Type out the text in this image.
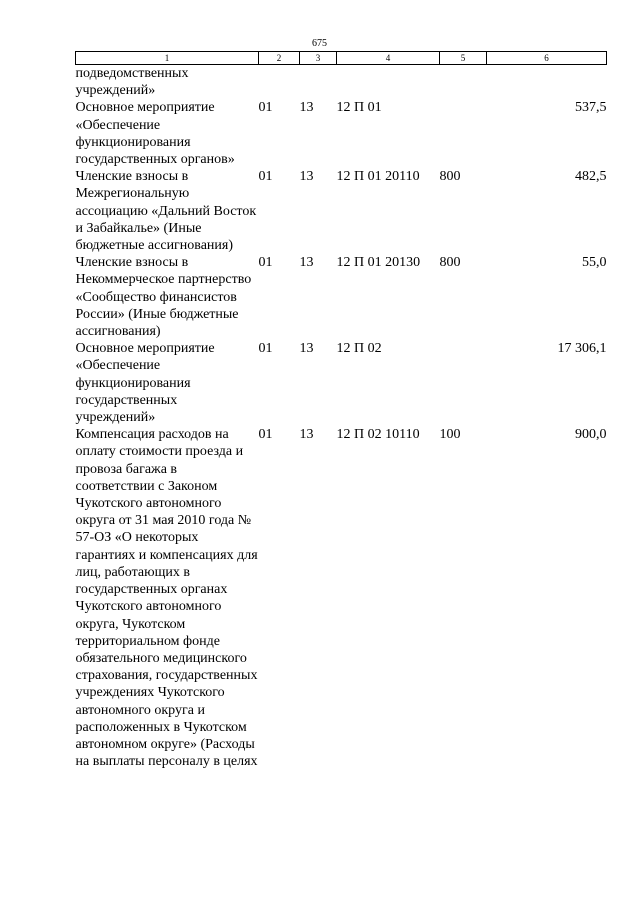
675
1	2	3	4	5	6
подведомственных учреждений»					
Основное мероприятие «Обеспечение функционирования государственных органов»	01	13	12 П 01		537,5
Членские взносы в Межрегиональную ассоциацию «Дальний Восток и Забайкалье» (Иные бюджетные ассигнования)	01	13	12 П 01 20110	800	482,5
Членские взносы в Некоммерческое партнерство «Сообщество финансистов России» (Иные бюджетные ассигнования)	01	13	12 П 01 20130	800	55,0
Основное мероприятие «Обеспечение функционирования государственных учреждений»	01	13	12 П 02		17 306,1
Компенсация расходов на оплату стоимости проезда и провоза багажа в соответствии с Законом Чукотского автономного округа от 31 мая 2010 года № 57-ОЗ «О некоторых гарантиях и компенсациях для лиц, работающих в государственных органах Чукотского автономного округа, Чукотском территориальном фонде обязательного медицинского страхования, государственных учреждениях Чукотского автономного округа и расположенных в Чукотском автономном округе» (Расходы на выплаты персоналу в целях	01	13	12 П 02 10110	100	900,0
